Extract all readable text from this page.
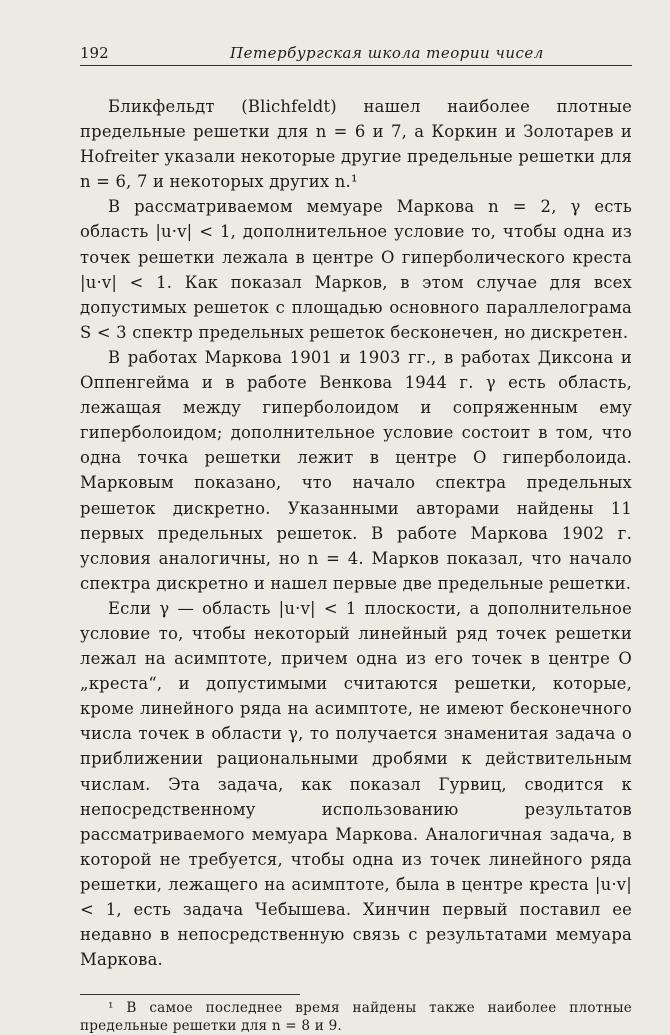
192	Петербургская школа теории чисел

Бликфельдт (Blichfeldt) нашел наиболее плотные предельные решетки для n = 6 и 7, а Коркин и Золотарев и Hofreiter указали некоторые другие предельные решетки для n = 6, 7 и некоторых других n.¹

В рассматриваемом мемуаре Маркова n = 2, γ есть область |u·v| < 1, дополнительное условие то, чтобы одна из точек решетки лежала в центре O гиперболического креста |u·v| < 1. Как показал Марков, в этом случае для всех допустимых решеток с площадью основного параллелограма S < 3 спектр предельных решеток бесконечен, но дискретен.

В работах Маркова 1901 и 1903 гг., в работах Диксона и Оппенгейма и в работе Венкова 1944 г. γ есть область, лежащая между гиперболоидом и сопряженным ему гиперболоидом; дополнительное условие состоит в том, что одна точка решетки лежит в центре O гиперболоида. Марковым показано, что начало спектра предельных решеток дискретно. Указанными авторами найдены 11 первых предельных решеток. В работе Маркова 1902 г. условия аналогичны, но n = 4. Марков показал, что начало спектра дискретно и нашел первые две предельные решетки.

Если γ — область |u·v| < 1 плоскости, а дополнительное условие то, чтобы некоторый линейный ряд точек решетки лежал на асимптоте, причем одна из его точек в центре O „креста“, и допустимыми считаются решетки, которые, кроме линейного ряда на асимптоте, не имеют бесконечного числа точек в области γ, то получается знаменитая задача о приближении рациональными дробями к действительным числам. Эта задача, как показал Гурвиц, сводится к непосредственному использованию результатов рассматриваемого мемуара Маркова. Аналогичная задача, в которой не требуется, чтобы одна из точек линейного ряда решетки, лежащего на асимптоте, была в центре креста |u·v| < 1, есть задача Чебышева. Хинчин первый поставил ее недавно в непосредственную связь с результатами мемуара Маркова.

¹ В самое последнее время найдены также наиболее плотные предельные решетки для n = 8 и 9.
